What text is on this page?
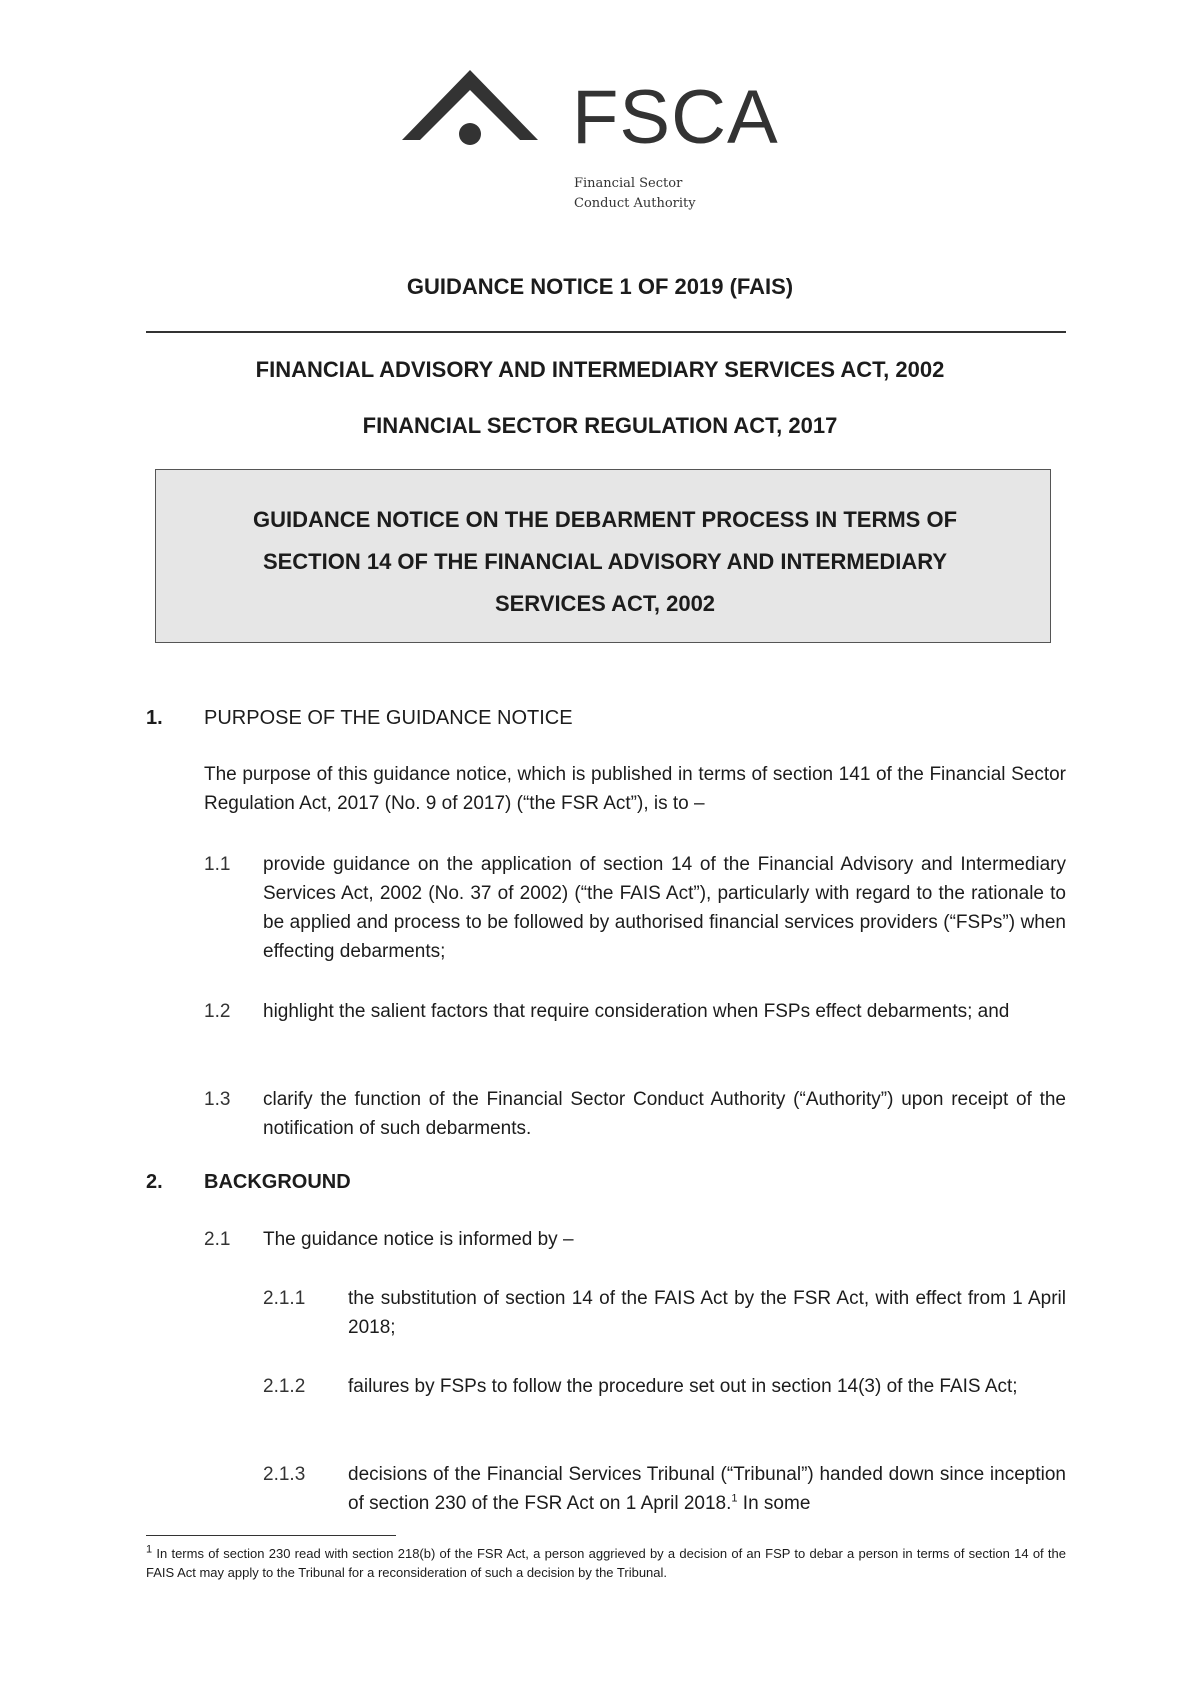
FSCA
Financial Sector
Conduct Authority
GUIDANCE NOTICE 1 OF 2019 (FAIS)
FINANCIAL ADVISORY AND INTERMEDIARY SERVICES ACT, 2002
FINANCIAL SECTOR REGULATION ACT, 2017
GUIDANCE NOTICE ON THE DEBARMENT PROCESS IN TERMS OF
SECTION 14 OF THE FINANCIAL ADVISORY AND INTERMEDIARY
SERVICES ACT, 2002
1. PURPOSE OF THE GUIDANCE NOTICE
The purpose of this guidance notice, which is published in terms of section 141 of the Financial Sector Regulation Act, 2017 (No. 9 of 2017) (“the FSR Act”), is to –
1.1 provide guidance on the application of section 14 of the Financial Advisory and Intermediary Services Act, 2002 (No. 37 of 2002) (“the FAIS Act”), particularly with regard to the rationale to be applied and process to be followed by authorised financial services providers (“FSPs”) when effecting debarments;
1.2 highlight the salient factors that require consideration when FSPs effect debarments; and
1.3 clarify the function of the Financial Sector Conduct Authority (“Authority”) upon receipt of the notification of such debarments.
2. BACKGROUND
2.1 The guidance notice is informed by –
2.1.1 the substitution of section 14 of the FAIS Act by the FSR Act, with effect from 1 April 2018;
2.1.2 failures by FSPs to follow the procedure set out in section 14(3) of the FAIS Act;
2.1.3 decisions of the Financial Services Tribunal (“Tribunal”) handed down since inception of section 230 of the FSR Act on 1 April 2018.$^1$ In some
$^1$ In terms of section 230 read with section 218(b) of the FSR Act, a person aggrieved by a decision of an FSP to debar a person in terms of section 14 of the FAIS Act may apply to the Tribunal for a reconsideration of such a decision by the Tribunal.
